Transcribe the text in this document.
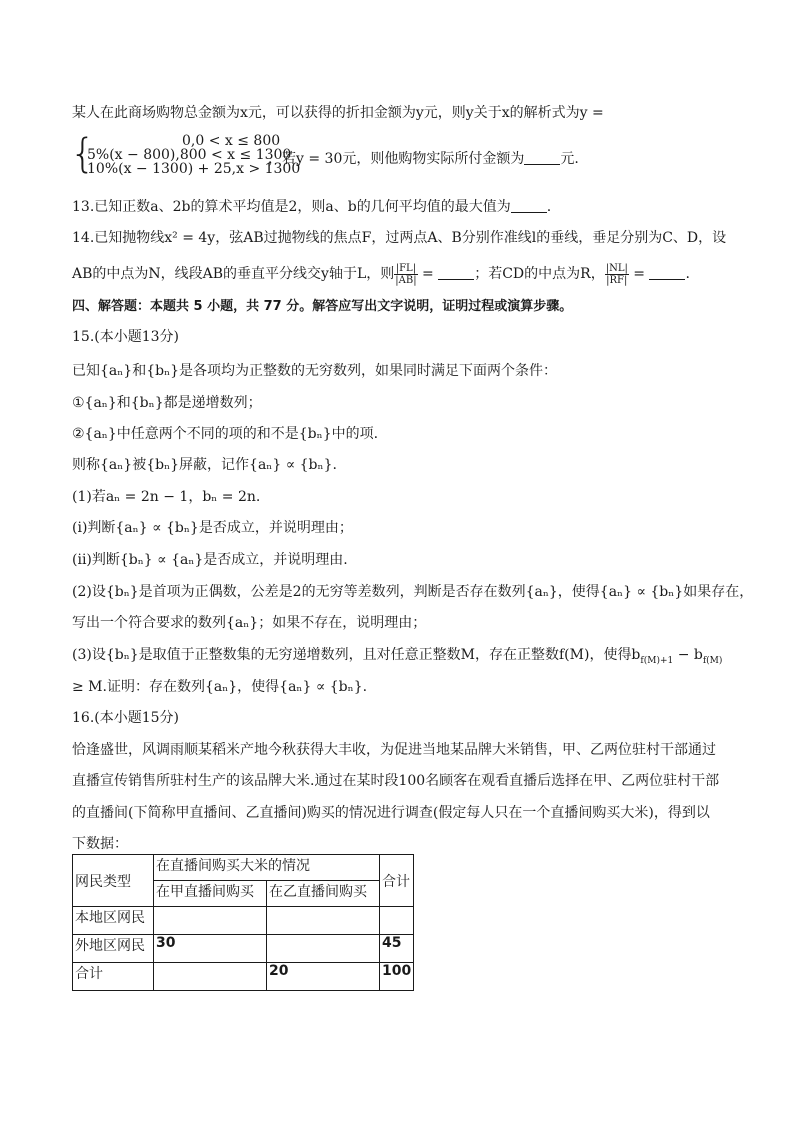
某人在此商场购物总金额为x元，可以获得的折扣金额为y元，则y关于x的解析式为y =
{	0,0 < x ≤ 800
5%(x − 800),800 < x ≤ 1300
10%(x − 1300) + 25,x > 1300
，若y = 30元，则他购物实际所付金额为	元.
13.已知正数a、2b的算术平均值是2，则a、b的几何平均值的最大值为	.
14.已知抛物线x² = 4y，弦AB过抛物线的焦点F，过两点A、B分别作准线l的垂线，垂足分别为C、D，设
AB的中点为N，线段AB的垂直平分线交y轴于L，则 $\frac{|FL|}{|AB|}$ =	；若CD的中点为R， $\frac{|NL|}{|RF|}$ =	.
四、解答题：本题共 5 小题，共 77 分。解答应写出文字说明，证明过程或演算步骤。
15.(本小题13分)
已知{aₙ}和{bₙ}是各项均为正整数的无穷数列，如果同时满足下面两个条件：
①{aₙ}和{bₙ}都是递增数列；
②{aₙ}中任意两个不同的项的和不是{bₙ}中的项.
则称{aₙ}被{bₙ}屏蔽，记作{aₙ} ∝ {bₙ}.
(1)若aₙ = 2n − 1，bₙ = 2n.
(i)判断{aₙ} ∝ {bₙ}是否成立，并说明理由；
(ii)判断{bₙ} ∝ {aₙ}是否成立，并说明理由.
(2)设{bₙ}是首项为正偶数，公差是2的无穷等差数列，判断是否存在数列{aₙ}，使得{aₙ} ∝ {bₙ}如果存在，
写出一个符合要求的数列{aₙ}；如果不存在，说明理由；
(3)设{bₙ}是取值于正整数集的无穷递增数列，且对任意正整数M，存在正整数f(M)，使得$b_{f(M)+1} - b_{f(M)}$
≥ M.证明：存在数列{aₙ}，使得{aₙ} ∝ {bₙ}.
16.(本小题15分)
恰逢盛世，风调雨顺某稻米产地今秋获得大丰收，为促进当地某品牌大米销售，甲、乙两位驻村干部通过
直播宣传销售所驻村生产的该品牌大米.通过在某时段100名顾客在观看直播后选择在甲、乙两位驻村干部
的直播间(下简称甲直播间、乙直播间)购买的情况进行调查(假定每人只在一个直播间购买大米)，得到以
下数据：
网民类型	在直播间购买大米的情况		合计
	在甲直播间购买	在乙直播间购买	
本地区网民			
外地区网民	30		45
合计		20	100
